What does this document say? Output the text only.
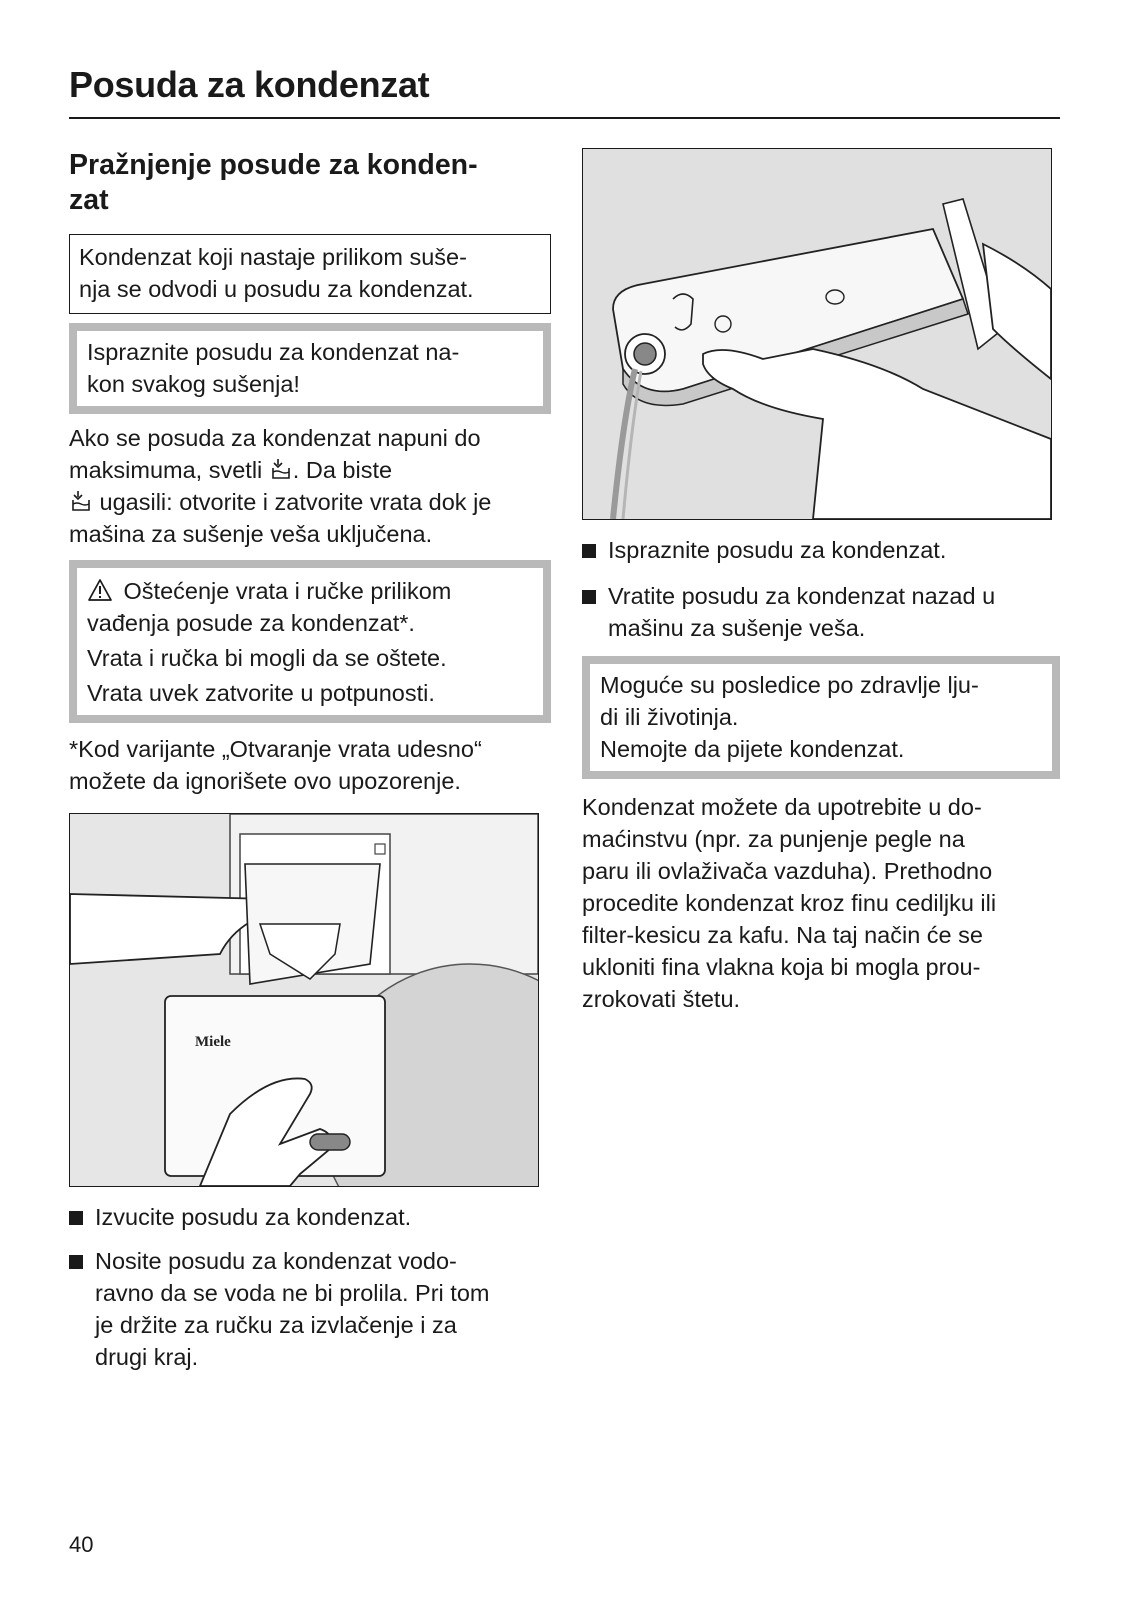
Posuda za kondenzat
Pražnjenje posude za konden-
zat
Kondenzat koji nastaje prilikom suše-
nja se odvodi u posudu za kondenzat.
Ispraznite posudu za kondenzat na-
kon svakog sušenja!
Ako se posuda za kondenzat napuni do
maksimuma, svetli . Da biste
ugasili: otvorite i zatvorite vrata dok je
mašina za sušenje veša uključena.
Oštećenje vrata i ručke prilikom
vađenja posude za kondenzat*.
Vrata i ručka bi mogli da se oštete.
Vrata uvek zatvorite u potpunosti.
*Kod varijante „Otvaranje vrata udesno“
možete da ignorišete ovo upozorenje.
Miele
Izvucite posudu za kondenzat.
Nosite posudu za kondenzat vodo-
ravno da se voda ne bi prolila. Pri tom
je držite za ručku za izvlačenje i za
drugi kraj.
Ispraznite posudu za kondenzat.
Vratite posudu za kondenzat nazad u
mašinu za sušenje veša.
Moguće su posledice po zdravlje lju-
di ili životinja.
Nemojte da pijete kondenzat.
Kondenzat možete da upotrebite u do-
maćinstvu (npr. za punjenje pegle na
paru ili ovlaživača vazduha). Prethodno
procedite kondenzat kroz finu cediljku ili
filter-kesicu za kafu. Na taj način će se
ukloniti fina vlakna koja bi mogla prou-
zrokovati štetu.
40
